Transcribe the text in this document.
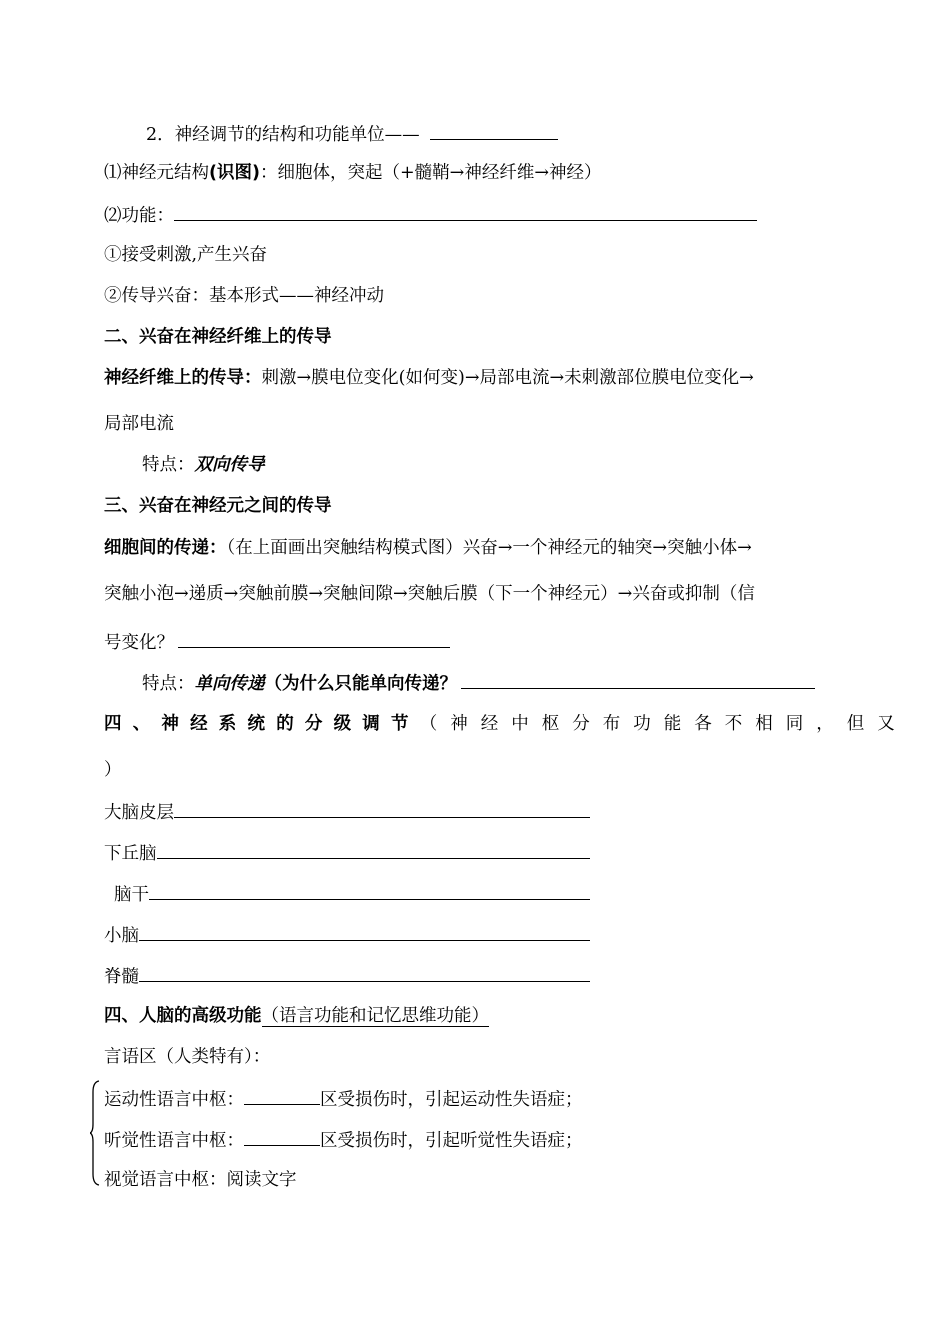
2．神经调节的结构和功能单位——
⑴神经元结构(识图)：细胞体，突起（+髓鞘→神经纤维→神经）
⑵功能：
①接受刺激,产生兴奋
②传导兴奋：基本形式——神经冲动
二、兴奋在神经纤维上的传导
神经纤维上的传导：刺激→膜电位变化(如何变)→局部电流→未刺激部位膜电位变化→
局部电流
特点：双向传导
三、兴奋在神经元之间的传导
细胞间的传递：（在上面画出突触结构模式图）兴奋→一个神经元的轴突→突触小体→
突触小泡→递质→突触前膜→突触间隙→突触后膜（下一个神经元）→兴奋或抑制（信
号变化？
特点：单向传递（为什么只能单向传递？
四、神经系统的分级调节（神经中枢分布功能各不相同，但又
）
大脑皮层
下丘脑
脑干
小脑
脊髓
四、人脑的高级功能（语言功能和记忆思维功能）
言语区（人类特有）：
运动性语言中枢：	区受损伤时，引起运动性失语症；
听觉性语言中枢：	区受损伤时，引起听觉性失语症；
视觉语言中枢：阅读文字
